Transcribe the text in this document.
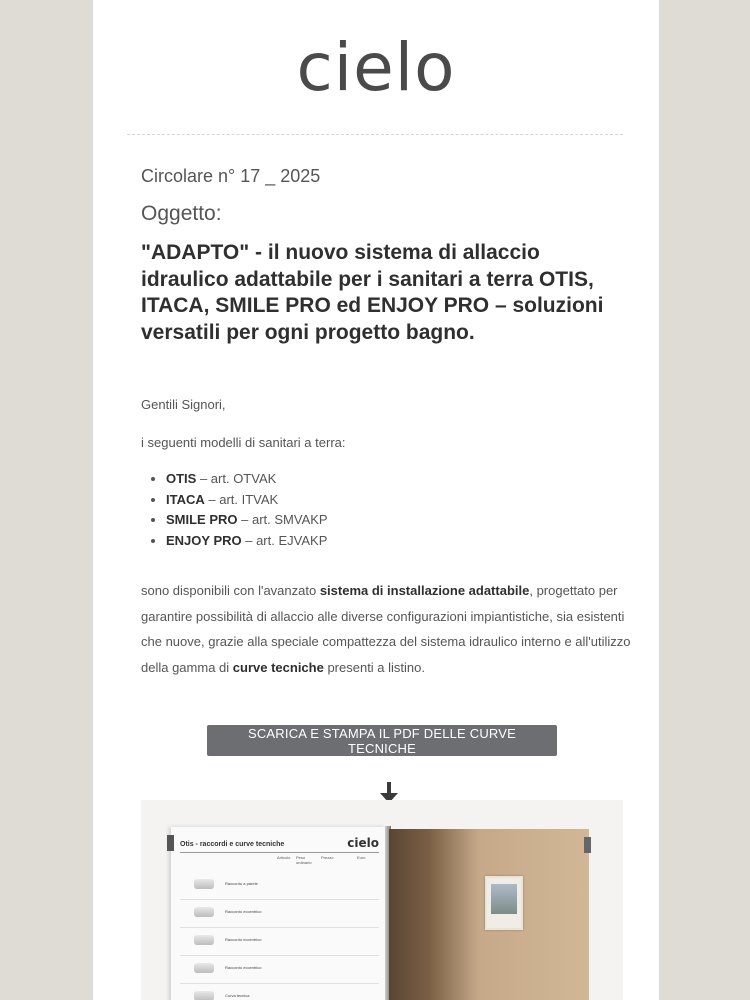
cielo
Circolare n° 17 _ 2025
Oggetto:
"ADAPTO" - il nuovo sistema di allaccio idraulico adattabile per i sanitari a terra OTIS, ITACA, SMILE PRO ed ENJOY PRO – soluzioni versatili per ogni progetto bagno.
Gentili Signori,
i seguenti modelli di sanitari a terra:
• OTIS – art. OTVAK
• ITACA – art. ITVAK
• SMILE PRO – art. SMVAKP
• ENJOY PRO – art. EJVAKP
sono disponibili con l'avanzato sistema di installazione adattabile, progettato per garantire possibilità di allaccio alle diverse configurazioni impiantistiche, sia esistenti che nuove, grazie alla speciale compattezza del sistema idraulico interno e all'utilizzo della gamma di curve tecniche presenti a listino.
SCARICA E STAMPA IL PDF DELLE CURVE TECNICHE
Otis - raccordi e curve tecniche	cielo
Articolo Peso ordinario
Prezzo	Euro
Raccordo a parete
Raccordo eccentrico
Raccordo eccentrico
Raccordo eccentrico
Curva tecnica
